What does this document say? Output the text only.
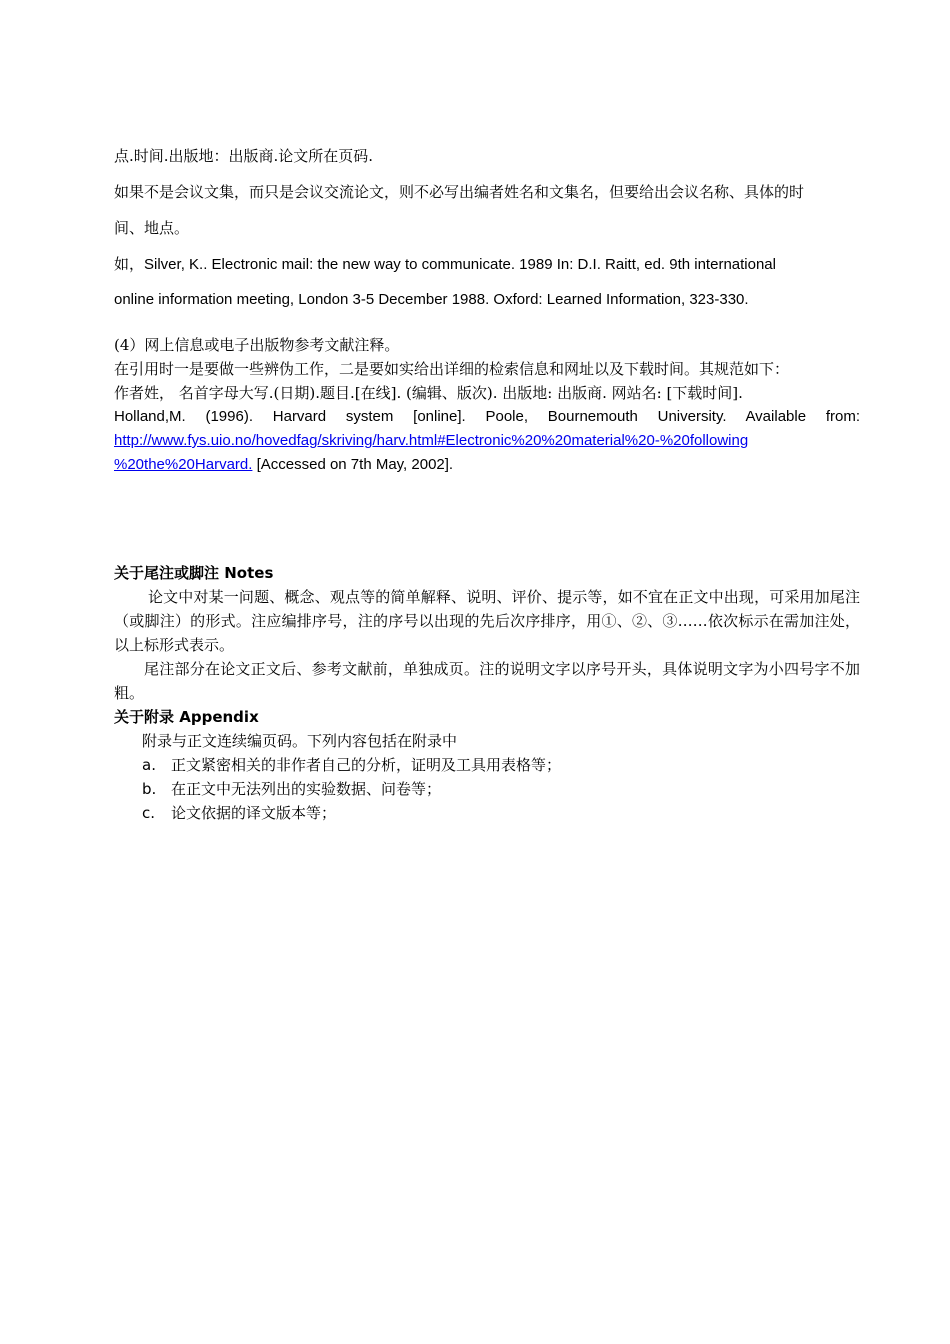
点.时间.出版地：出版商.论文所在页码.
如果不是会议文集，而只是会议交流论文，则不必写出编者姓名和文集名，但要给出会议名称、具体的时
间、地点。
如，Silver, K.. Electronic mail: the new way to communicate. 1989 In: D.I. Raitt, ed. 9th international
online information meeting, London 3-5 December 1988. Oxford: Learned Information, 323-330.
(4）网上信息或电子出版物参考文献注释。
在引用时一是要做一些辨伪工作，二是要如实给出详细的检索信息和网址以及下载时间。其规范如下：
作者姓， 名首字母大写.(日期).题目.[在线]. (编辑、版次). 出版地: 出版商. 网站名: [下载时间].
Holland,M. (1996). Harvard system [online]. Poole, Bournemouth University. Available from:
http://www.fys.uio.no/hovedfag/skriving/harv.html#Electronic%20%20material%20-%20following
%20the%20Harvard. [Accessed on 7th May, 2002].
关于尾注或脚注 Notes
论文中对某一问题、概念、观点等的简单解释、说明、评价、提示等，如不宜在正文中出现，可采用加尾注（或脚注）的形式。注应编排序号，注的序号以出现的先后次序排序，用①、②、③……依次标示在需加注处，以上标形式表示。
尾注部分在论文正文后、参考文献前，单独成页。注的说明文字以序号开头，具体说明文字为小四号字不加粗。
关于附录 Appendix
附录与正文连续编页码。下列内容包括在附录中
a. 正文紧密相关的非作者自己的分析，证明及工具用表格等；
b. 在正文中无法列出的实验数据、问卷等；
c. 论文依据的译文版本等；
